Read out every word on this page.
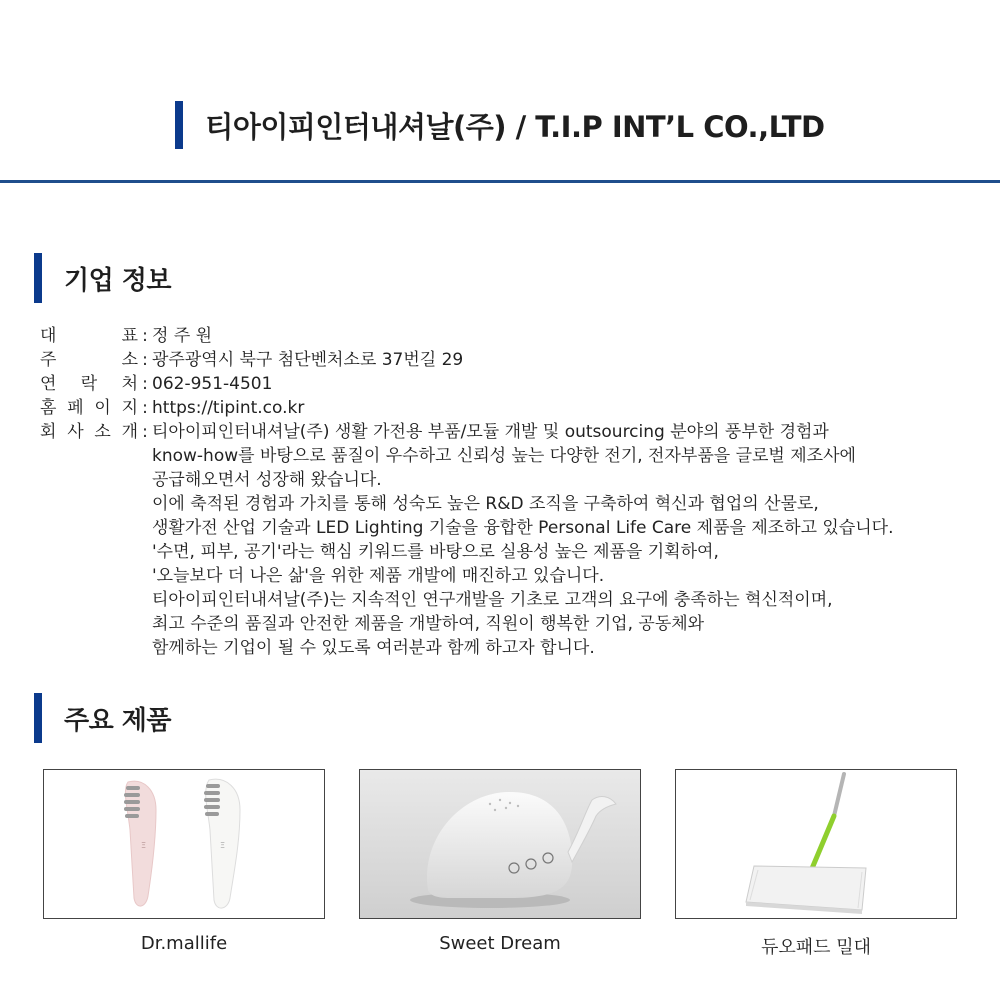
티아이피인터내셔날(주) / T.I.P INT’L CO.,LTD
기업 정보
대	표 : 정 주 원
주	소 : 광주광역시 북구 첨단벤처소로 37번길 29
연 락 처 : 062-951-4501
홈 페 이 지 : https://tipint.co.kr
회 사 소 개 : 티아이피인터내셔날(주) 생활 가전용 부품/모듈 개발 및 outsourcing 분야의 풍부한 경험과
know-how를 바탕으로 품질이 우수하고 신뢰성 높는 다양한 전기, 전자부품을 글로벌 제조사에
공급해오면서 성장해 왔습니다.
이에 축적된 경험과 가치를 통해 성숙도 높은 R&D 조직을 구축하여 혁신과 협업의 산물로,
생활가전 산업 기술과 LED Lighting 기술을 융합한 Personal Life Care 제품을 제조하고 있습니다.
'수면, 피부, 공기'라는 핵심 키워드를 바탕으로 실용성 높은 제품을 기획하여,
'오늘보다 더 나은 삶'을 위한 제품 개발에 매진하고 있습니다.
티아이피인터내셔날(주)는 지속적인 연구개발을 기초로 고객의 요구에 충족하는 혁신적이며,
최고 수준의 품질과 안전한 제품을 개발하여, 직원이 행복한 기업, 공동체와
함께하는 기업이 될 수 있도록 여러분과 함께 하고자 합니다.
주요 제품
Ξ	Ξ
Dr.mallife	Sweet Dream	듀오패드 밀대
